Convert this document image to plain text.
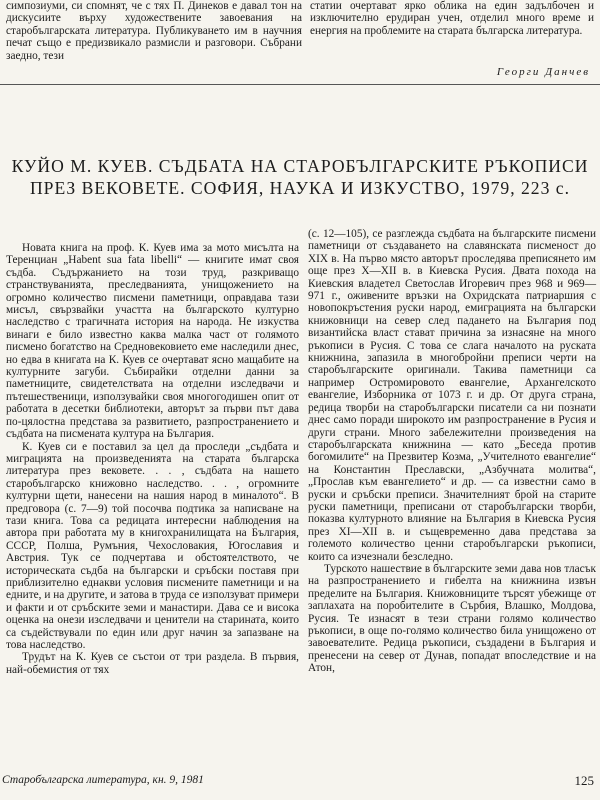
симпозиуми, си спомнят, че с тях П. Динеков е давал тон на дискусиите върху художествените завоевания на старобългарската литература. Публикуването им в научния печат също е предизвикало размисли и разговори. Събрани заедно, тези

статии очертават ярко облика на един задълбочен и изключително ерудиран учен, отделил много време и енергия на проблемите на старата българска литература.

Георги Данчев
КУЙО М. КУЕВ. СЪДБАТА НА СТАРОБЪЛГАРСКИТЕ РЪКОПИСИ
ПРЕЗ ВЕКОВЕТЕ. СОФИЯ, НАУКА И ИЗКУСТВО, 1979, 223 с.

Новата книга на проф. К. Куев има за мото мисълта на Теренциан „Habent sua fata libelli“ — книгите имат своя съдба. Съдържанието на този труд, разкриващо странствуванията, преследванията, унищожението на огромно количество писмени паметници, оправдава тази мисъл, свързвайки участта на българското културно наследство с трагичната история на народа. Не изкуства винаги е било известно каква малка част от голямото писмено богатство на Средновековието еме наследили днес, но едва в книгата на К. Куев се очертават ясно мащабите на културните загуби. Събирайки отделни данни за паметниците, свидетелствата на отделни изследвачи и пътешественици, използувайки своя многогодишен опит от работата в десетки библиотеки, авторът за първи път дава по-цялостна представа за развитието, разпространението и съдбата на писмената култура на България.

К. Куев си е поставил за цел да проследи „съдбата и миграцията на произведенията на старата българска литература през вековете. . . , съдбата на нашето старобългарско книжовно наследство. . . , огромните културни щети, нанесени на нашия народ в миналото“. В предговора (с. 7—9) той посочва подтика за написване на тази книга. Това са редицата интересни наблюдения на автора при работата му в книгохранилищата на България, СССР, Полша, Румъния, Чехословакия, Югославия и Австрия. Тук се подчертава и обстоятелството, че историческата съдба на български и сръбски поставя при приблизително еднакви условия писмените паметници и на едните, и на другите, и затова в труда се използуват примери и факти и от сръбските земи и манастири. Дава се и висока оценка на онези изследвачи и ценители на старината, които са съдействували по един или друг начин за запазване на това наследство.

Трудът на К. Куев се състои от три раздела. В първия, най-обемистия от тях

(с. 12—105), се разглежда съдбата на българските писмени паметници от създаването на славянската писменост до XIX в. На първо място авторът проследява преписянето им още през X—XII в. в Киевска Русия. Двата похода на Киевския владетел Светослав Игоревич през 968 и 969—971 г., оживените връзки на Охридската патриаршия с новопокръстения руски народ, емиграцията на български книжовници на север след падането на България под византийска власт стават причина за изнасяне на много ръкописи в Русия. С това се слага началото на руската книжнина, запазила в многобройни преписи черти на старобългарските оригинали. Такива паметници са например Остромировото евангелие, Архангелското евангелие, Изборника от 1073 г. и др. От друга страна, редица творби на старобългарски писатели са ни познати днес само поради широкото им разпространение в Русия и други страни. Много забележителни произведения на старобългарската книжнина — като „Беседа против богомилите“ на Презвитер Козма, „Учителното евангелие“ на Константин Преславски, „Азбучната молитва“, „Прослав към евангелието“ и др. — са известни само в руски и сръбски преписи. Значителният брой на старите руски паметници, преписани от старобългарски творби, показва културното влияние на България в Киевска Русия през XI—XII в. и същевременно дава представа за големото количество ценни старобългарски ръкописи, които са изчезнали безследно.

Турското нашествие в българските земи дава нов тласък на разпространението и гибелта на книжнина извън пределите на България. Книжовниците търсят убежище от заплахата на поробителите в Сърбия, Влашко, Молдова, Русия. Те изнасят в тези страни голямо количество ръкописи, в още по-голямо количество била унищожено от завоевателите. Редица ръкописи, създадени в България и пренесени на север от Дунав, попадат впоследствие и на Атон,

Старобългарска литература, кн. 9, 1981	125
